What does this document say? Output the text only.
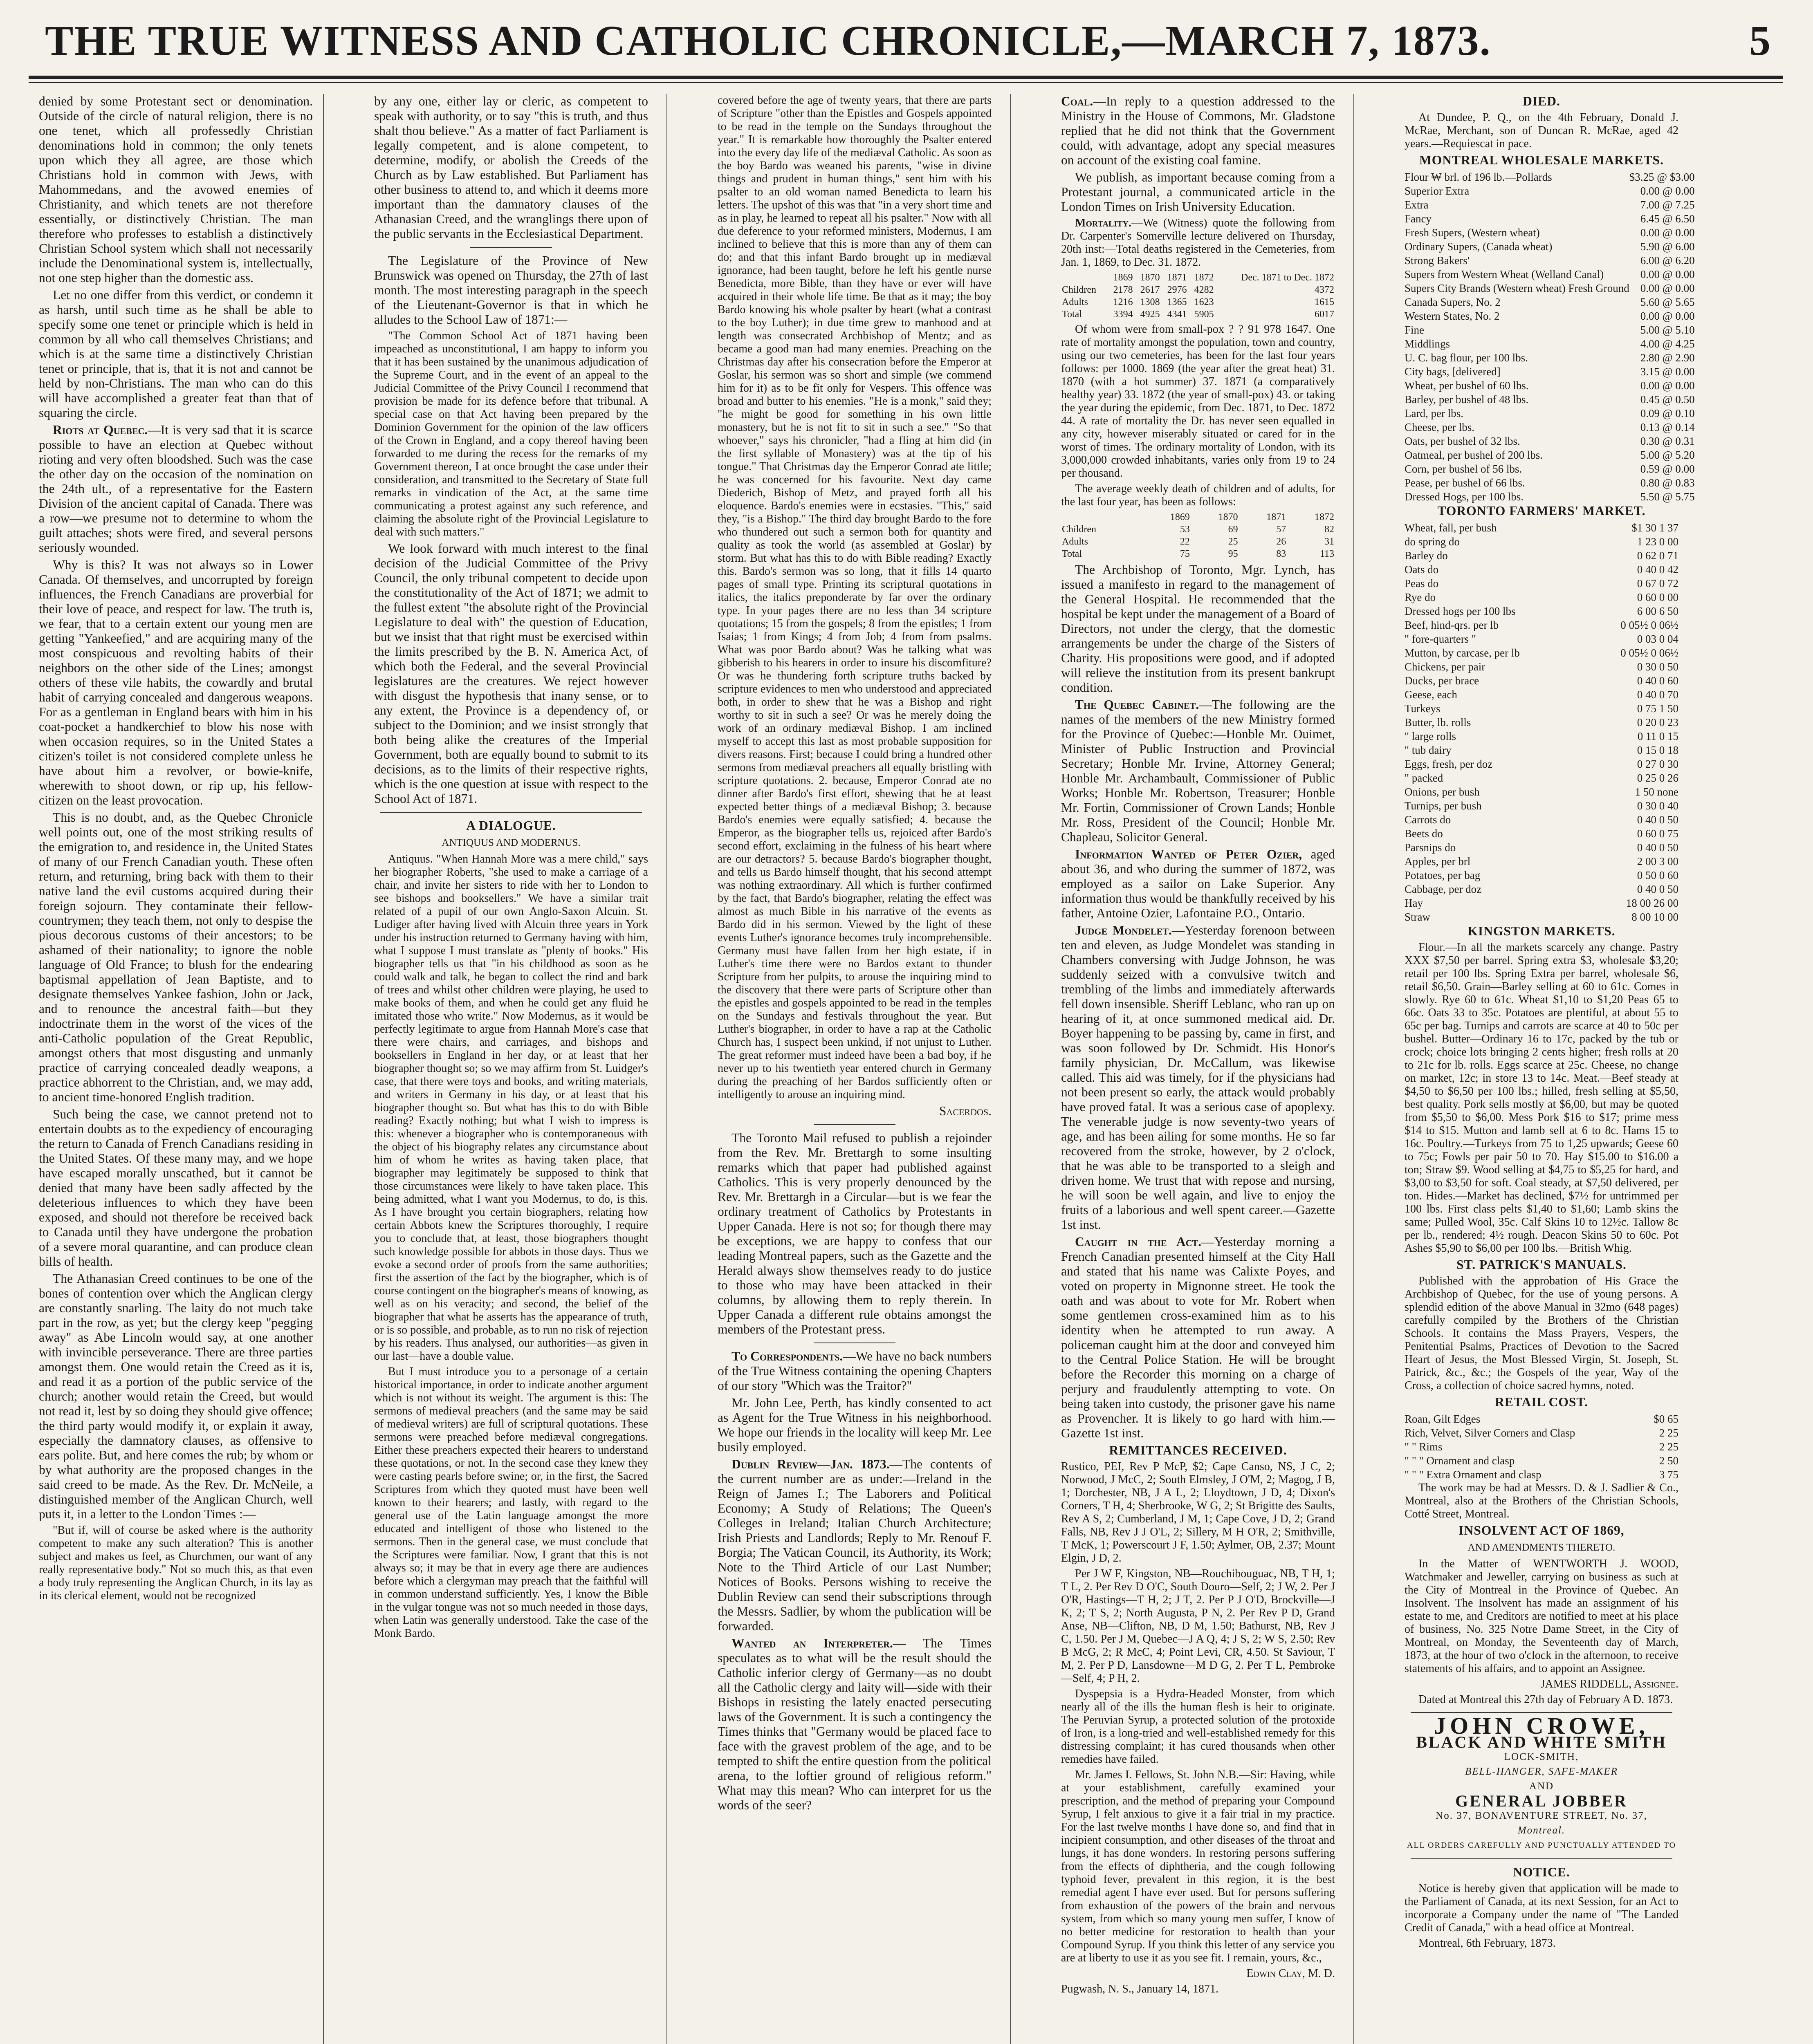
THE TRUE WITNESS AND CATHOLIC CHRONICLE,—MARCH 7, 1873.	5

denied by some Protestant sect or denomination. Outside of the circle of natural religion, there is no one tenet, which all professedly Christian denominations hold in common; the only tenets upon which they all agree, are those which Christians hold in common with Jews, with Mahommedans, and the avowed enemies of Christianity, and which tenets are not therefore essentially, or distinctively Christian. The man therefore who professes to establish a distinctively Christian School system which shall not necessarily include the Denominational system is, intellectually, not one step higher than the domestic ass.

Let no one differ from this verdict, or condemn it as harsh, until such time as he shall be able to specify some one tenet or principle which is held in common by all who call themselves Christians; and which is at the same time a distinctively Christian tenet or principle, that is, that it is not and cannot be held by non-Christians. The man who can do this will have accomplished a greater feat than that of squaring the circle.

Riots at Quebec.—It is very sad that it is scarce possible to have an election at Quebec without rioting and very often bloodshed. Such was the case the other day on the occasion of the nomination on the 24th ult., of a representative for the Eastern Division of the ancient capital of Canada. There was a row—we presume not to determine to whom the guilt attaches; shots were fired, and several persons seriously wounded.

Why is this? It was not always so in Lower Canada. Of themselves, and uncorrupted by foreign influences, the French Canadians are proverbial for their love of peace, and respect for law. The truth is, we fear, that to a certain extent our young men are getting "Yankeefied," and are acquiring many of the most conspicuous and revolting habits of their neighbors on the other side of the Lines; amongst others of these vile habits, the cowardly and brutal habit of carrying concealed and dangerous weapons. For as a gentleman in England bears with him in his coat-pocket a handkerchief to blow his nose with when occasion requires, so in the United States a citizen's toilet is not considered complete unless he have about him a revolver, or bowie-knife, wherewith to shoot down, or rip up, his fellow-citizen on the least provocation.

This is no doubt, and, as the Quebec Chronicle well points out, one of the most striking results of the emigration to, and residence in, the United States of many of our French Canadian youth. These often return, and returning, bring back with them to their native land the evil customs acquired during their foreign sojourn. They contaminate their fellow-countrymen; they teach them, not only to despise the pious decorous customs of their ancestors; to be ashamed of their nationality; to ignore the noble language of Old France; to blush for the endearing baptismal appellation of Jean Baptiste, and to designate themselves Yankee fashion, John or Jack, and to renounce the ancestral faith—but they indoctrinate them in the worst of the vices of the anti-Catholic population of the Great Republic, amongst others that most disgusting and unmanly practice of carrying concealed deadly weapons, a practice abhorrent to the Christian, and, we may add, to ancient time-honored English tradition.

Such being the case, we cannot pretend not to entertain doubts as to the expediency of encouraging the return to Canada of French Canadians residing in the United States. Of these many may, and we hope have escaped morally unscathed, but it cannot be denied that many have been sadly affected by the deleterious influences to which they have been exposed, and should not therefore be received back to Canada until they have undergone the probation of a severe moral quarantine, and can produce clean bills of health.

The Athanasian Creed continues to be one of the bones of contention over which the Anglican clergy are constantly snarling. The laity do not much take part in the row, as yet; but the clergy keep "pegging away" as Abe Lincoln would say, at one another with invincible perseverance. There are three parties amongst them. One would retain the Creed as it is, and read it as a portion of the public service of the church; another would retain the Creed, but would not read it, lest by so doing they should give offence; the third party would modify it, or explain it away, especially the damnatory clauses, as offensive to ears polite. But, and here comes the rub; by whom or by what authority are the proposed changes in the said creed to be made. As the Rev. Dr. McNeile, a distinguished member of the Anglican Church, well puts it, in a letter to the London Times :—

"But if, will of course be asked where is the authority competent to make any such alteration? This is another subject and makes us feel, as Churchmen, our want of any really representative body." Not so much this, as that even a body truly representing the Anglican Church, in its lay as in its clerical element, would not be recognized

by any one, either lay or cleric, as competent to speak with authority, or to say "this is truth, and thus shalt thou believe." As a matter of fact Parliament is legally competent, and is alone competent, to determine, modify, or abolish the Creeds of the Church as by Law established. But Parliament has other business to attend to, and which it deems more important than the damnatory clauses of the Athanasian Creed, and the wranglings there upon of the public servants in the Ecclesiastical Department.

The Legislature of the Province of New Brunswick was opened on Thursday, the 27th of last month. The most interesting paragraph in the speech of the Lieutenant-Governor is that in which he alludes to the School Law of 1871:—

"The Common School Act of 1871 having been impeached as unconstitutional, I am happy to inform you that it has been sustained by the unanimous adjudication of the Supreme Court, and in the event of an appeal to the Judicial Committee of the Privy Council I recommend that provision be made for its defence before that tribunal. A special case on that Act having been prepared by the Dominion Government for the opinion of the law officers of the Crown in England, and a copy thereof having been forwarded to me during the recess for the remarks of my Government thereon, I at once brought the case under their consideration, and transmitted to the Secretary of State full remarks in vindication of the Act, at the same time communicating a protest against any such reference, and claiming the absolute right of the Provincial Legislature to deal with such matters."

We look forward with much interest to the final decision of the Judicial Committee of the Privy Council, the only tribunal competent to decide upon the constitutionality of the Act of 1871; we admit to the fullest extent "the absolute right of the Provincial Legislature to deal with" the question of Education, but we insist that that right must be exercised within the limits prescribed by the B. N. America Act, of which both the Federal, and the several Provincial legislatures are the creatures. We reject however with disgust the hypothesis that inany sense, or to any extent, the Province is a dependency of, or subject to the Dominion; and we insist strongly that both being alike the creatures of the Imperial Government, both are equally bound to submit to its decisions, as to the limits of their respective rights, which is the one question at issue with respect to the School Act of 1871.

A DIALOGUE.

ANTIQUUS AND MODERNUS.

Antiquus. "When Hannah More was a mere child," says her biographer Roberts, "she used to make a carriage of a chair, and invite her sisters to ride with her to London to see bishops and booksellers." We have a similar trait related of a pupil of our own Anglo-Saxon Alcuin. St. Ludiger after having lived with Alcuin three years in York under his instruction returned to Germany having with him, what I suppose I must translate as "plenty of books." His biographer tells us that "in his childhood as soon as he could walk and talk, he began to collect the rind and bark of trees and whilst other children were playing, he used to make books of them, and when he could get any fluid he imitated those who write." Now Modernus, as it would be perfectly legitimate to argue from Hannah More's case that there were chairs, and carriages, and bishops and booksellers in England in her day, or at least that her biographer thought so; so we may affirm from St. Luidger's case, that there were toys and books, and writing materials, and writers in Germany in his day, or at least that his biographer thought so. But what has this to do with Bible reading? Exactly nothing; but what I wish to impress is this: whenever a biographer who is contemporaneous with the object of his biography relates any circumstance about him of whom he writes as having taken place, that biographer may legitimately be supposed to think that those circumstances were likely to have taken place. This being admitted, what I want you Modernus, to do, is this. As I have brought you certain biographers, relating how certain Abbots knew the Scriptures thoroughly, I require you to conclude that, at least, those biographers thought such knowledge possible for abbots in those days. Thus we evoke a second order of proofs from the same authorities; first the assertion of the fact by the biographer, which is of course contingent on the biographer's means of knowing, as well as on his veracity; and second, the belief of the biographer that what he asserts has the appearance of truth, or is so possible, and probable, as to run no risk of rejection by his readers. Thus analysed, our authorities—as given in our last—have a double value.

But I must introduce you to a personage of a certain historical importance, in order to indicate another argument which is not without its weight. The argument is this: The sermons of medieval preachers (and the same may be said of medieval writers) are full of scriptural quotations. These sermons were preached before mediæval congregations. Either these preachers expected their hearers to understand these quotations, or not. In the second case they knew they were casting pearls before swine; or, in the first, the Sacred Scriptures from which they quoted must have been well known to their hearers; and lastly, with regard to the general use of the Latin language amongst the more educated and intelligent of those who listened to the sermons. Then in the general case, we must conclude that the Scriptures were familiar. Now, I grant that this is not always so; it may be that in every age there are audiences before which a clergyman may preach that the faithful will in common understand sufficiently. Yes, I know the Bible in the vulgar tongue was not so much needed in those days, when Latin was generally understood. Take the case of the Monk Bardo.

covered before the age of twenty years, that there are parts of Scripture "other than the Epistles and Gospels appointed to be read in the temple on the Sundays throughout the year." It is remarkable how thoroughly the Psalter entered into the every day life of the mediæval Catholic. As soon as the boy Bardo was weaned his parents, "wise in divine things and prudent in human things," sent him with his psalter to an old woman named Benedicta to learn his letters. The upshot of this was that "in a very short time and as in play, he learned to repeat all his psalter." Now with all due deference to your reformed ministers, Modernus, I am inclined to believe that this is more than any of them can do; and that this infant Bardo brought up in mediæval ignorance, had been taught, before he left his gentle nurse Benedicta, more Bible, than they have or ever will have acquired in their whole life time. Be that as it may; the boy Bardo knowing his whole psalter by heart (what a contrast to the boy Luther); in due time grew to manhood and at length was consecrated Archbishop of Mentz; and as became a good man had many enemies. Preaching on the Christmas day after his consecration before the Emperor at Goslar, his sermon was so short and simple (we commend him for it) as to be fit only for Vespers. This offence was broad and butter to his enemies. "He is a monk," said they; "he might be good for something in his own little monastery, but he is not fit to sit in such a see." "So that whoever," says his chronicler, "had a fling at him did (in the first syllable of Monastery) was at the tip of his tongue." That Christmas day the Emperor Conrad ate little; he was concerned for his favourite. Next day came Diederich, Bishop of Metz, and prayed forth all his eloquence. Bardo's enemies were in ecstasies. "This," said they, "is a Bishop." The third day brought Bardo to the fore who thundered out such a sermon both for quantity and quality as took the world (as assembled at Goslar) by storm. But what has this to do with Bible reading? Exactly this. Bardo's sermon was so long, that it fills 14 quarto pages of small type. Printing its scriptural quotations in italics, the italics preponderate by far over the ordinary type. In your pages there are no less than 34 scripture quotations; 15 from the gospels; 8 from the epistles; 1 from Isaias; 1 from Kings; 4 from Job; 4 from from psalms. What was poor Bardo about? Was he talking what was gibberish to his hearers in order to insure his discomfiture? Or was he thundering forth scripture truths backed by scripture evidences to men who understood and appreciated both, in order to shew that he was a Bishop and right worthy to sit in such a see? Or was he merely doing the work of an ordinary mediæval Bishop. I am inclined myself to accept this last as most probable supposition for divers reasons. First; because I could bring a hundred other sermons from mediæval preachers all equally bristling with scripture quotations. 2. because, Emperor Conrad ate no dinner after Bardo's first effort, shewing that he at least expected better things of a mediæval Bishop; 3. because Bardo's enemies were equally satisfied; 4. because the Emperor, as the biographer tells us, rejoiced after Bardo's second effort, exclaiming in the fulness of his heart where are our detractors? 5. because Bardo's biographer thought, and tells us Bardo himself thought, that his second attempt was nothing extraordinary. All which is further confirmed by the fact, that Bardo's biographer, relating the effect was almost as much Bible in his narrative of the events as Bardo did in his sermon. Viewed by the light of these events Luther's ignorance becomes truly incomprehensible. Germany must have fallen from her high estate, if in Luther's time there were no Bardos extant to thunder Scripture from her pulpits, to arouse the inquiring mind to the discovery that there were parts of Scripture other than the epistles and gospels appointed to be read in the temples on the Sundays and festivals throughout the year. But Luther's biographer, in order to have a rap at the Catholic Church has, I suspect been unkind, if not unjust to Luther. The great reformer must indeed have been a bad boy, if he never up to his twentieth year entered church in Germany during the preaching of her Bardos sufficiently often or intelligently to arouse an inquiring mind.

Sacerdos.

The Toronto Mail refused to publish a rejoinder from the Rev. Mr. Brettargh to some insulting remarks which that paper had published against Catholics. This is very properly denounced by the Rev. Mr. Brettargh in a Circular—but is we fear the ordinary treatment of Catholics by Protestants in Upper Canada. Here is not so; for though there may be exceptions, we are happy to confess that our leading Montreal papers, such as the Gazette and the Herald always show themselves ready to do justice to those who may have been attacked in their columns, by allowing them to reply therein. In Upper Canada a different rule obtains amongst the members of the Protestant press.

To Correspondents.—We have no back numbers of the True Witness containing the opening Chapters of our story "Which was the Traitor?"

Mr. John Lee, Perth, has kindly consented to act as Agent for the True Witness in his neighborhood. We hope our friends in the locality will keep Mr. Lee busily employed.

Dublin Review—Jan. 1873.—The contents of the current number are as under:—Ireland in the Reign of James I.; The Laborers and Political Economy; A Study of Relations; The Queen's Colleges in Ireland; Italian Church Architecture; Irish Priests and Landlords; Reply to Mr. Renouf F. Borgia; The Vatican Council, its Authority, its Work; Note to the Third Article of our Last Number; Notices of Books. Persons wishing to receive the Dublin Review can send their subscriptions through the Messrs. Sadlier, by whom the publication will be forwarded.

Wanted an Interpreter.— The Times speculates as to what will be the result should the Catholic inferior clergy of Germany—as no doubt all the Catholic clergy and laity will—side with their Bishops in resisting the lately enacted persecuting laws of the Government. It is such a contingency the Times thinks that "Germany would be placed face to face with the gravest problem of the age, and to be tempted to shift the entire question from the political arena, to the loftier ground of religious reform." What may this mean? Who can interpret for us the words of the seer?

Coal.—In reply to a question addressed to the Ministry in the House of Commons, Mr. Gladstone replied that he did not think that the Government could, with advantage, adopt any special measures on account of the existing coal famine.

We publish, as important because coming from a Protestant journal, a communicated article in the London Times on Irish University Education.

Mortality.—We (Witness) quote the following from Dr. Carpenter's Somerville lecture delivered on Thursday, 20th inst:—Total deaths registered in the Cemeteries, from Jan. 1, 1869, to Dec. 31. 1872.

	1869	1870	1871	1872	Dec. 1871 to Dec. 1872
Children	2178	2617	2976	4282	4372
Adults	1216	1308	1365	1623	1615
Total	3394	4925	4341	5905	6017

Of whom were from small-pox ? ? 91 978 1647. One rate of mortality amongst the population, town and country, using our two cemeteries, has been for the last four years follows: per 1000. 1869 (the year after the great heat) 31. 1870 (with a hot summer) 37. 1871 (a comparatively healthy year) 33. 1872 (the year of small-pox) 43. or taking the year during the epidemic, from Dec. 1871, to Dec. 1872 44. A rate of mortality the Dr. has never seen equalled in any city, however miserably situated or cared for in the worst of times. The ordinary mortality of London, with its 3,000,000 crowded inhabitants, varies only from 19 to 24 per thousand.

The average weekly death of children and of adults, for the last four year, has been as follows:

	1869	1870	1871	1872
Children	53	69	57	82
Adults	22	25	26	31
Total	75	95	83	113

The Archbishop of Toronto, Mgr. Lynch, has issued a manifesto in regard to the management of the General Hospital. He recommended that the hospital be kept under the management of a Board of Directors, not under the clergy, that the domestic arrangements be under the charge of the Sisters of Charity. His propositions were good, and if adopted will relieve the institution from its present bankrupt condition.

The Quebec Cabinet.—The following are the names of the members of the new Ministry formed for the Province of Quebec:—Honble Mr. Ouimet, Minister of Public Instruction and Provincial Secretary; Honble Mr. Irvine, Attorney General; Honble Mr. Archambault, Commissioner of Public Works; Honble Mr. Robertson, Treasurer; Honble Mr. Fortin, Commissioner of Crown Lands; Honble Mr. Ross, President of the Council; Honble Mr. Chapleau, Solicitor General.

Information Wanted of Peter Ozier, aged about 36, and who during the summer of 1872, was employed as a sailor on Lake Superior. Any information thus would be thankfully received by his father, Antoine Ozier, Lafontaine P.O., Ontario.

Judge Mondelet.—Yesterday forenoon between ten and eleven, as Judge Mondelet was standing in Chambers conversing with Judge Johnson, he was suddenly seized with a convulsive twitch and trembling of the limbs and immediately afterwards fell down insensible. Sheriff Leblanc, who ran up on hearing of it, at once summoned medical aid. Dr. Boyer happening to be passing by, came in first, and was soon followed by Dr. Schmidt. His Honor's family physician, Dr. McCallum, was likewise called. This aid was timely, for if the physicians had not been present so early, the attack would probably have proved fatal. It was a serious case of apoplexy. The venerable judge is now seventy-two years of age, and has been ailing for some months. He so far recovered from the stroke, however, by 2 o'clock, that he was able to be transported to a sleigh and driven home. We trust that with repose and nursing, he will soon be well again, and live to enjoy the fruits of a laborious and well spent career.—Gazette 1st inst.

Caught in the Act.—Yesterday morning a French Canadian presented himself at the City Hall and stated that his name was Calixte Poyes, and voted on property in Mignonne street. He took the oath and was about to vote for Mr. Robert when some gentlemen cross-examined him as to his identity when he attempted to run away. A policeman caught him at the door and conveyed him to the Central Police Station. He will be brought before the Recorder this morning on a charge of perjury and fraudulently attempting to vote. On being taken into custody, the prisoner gave his name as Provencher. It is likely to go hard with him.—Gazette 1st inst.

REMITTANCES RECEIVED.

Rustico, PEI, Rev P McP, $2; Cape Canso, NS, J C, 2; Norwood, J McC, 2; South Elmsley, J O'M, 2; Magog, J B, 1; Dorchester, NB, J A L, 2; Lloydtown, J D, 4; Dixon's Corners, T H, 4; Sherbrooke, W G, 2; St Brigitte des Saults, Rev A S, 2; Cumberland, J M, 1; Cape Cove, J D, 2; Grand Falls, NB, Rev J J O'L, 2; Sillery, M H O'R, 2; Smithville, T McK, 1; Powerscourt J F, 1.50; Aylmer, OB, 2.37; Mount Elgin, J D, 2.

Per J W F, Kingston, NB—Rouchibouguac, NB, T H, 1; T L, 2. Per Rev D O'C, South Douro—Self, 2; J W, 2. Per J O'R, Hastings—T H, 2; J T, 2. Per P J O'D, Brockville—J K, 2; T S, 2; North Augusta, P N, 2. Per Rev P D, Grand Anse, NB—Clifton, NB, D M, 1.50; Bathurst, NB, Rev J C, 1.50. Per J M, Quebec—J A Q, 4; J S, 2; W S, 2.50; Rev B McG, 2; R McC, 4; Point Levi, CR, 4.50. St Saviour, T M, 2. Per P D, Lansdowne—M D G, 2. Per T L, Pembroke—Self, 4; P H, 2.

Dyspepsia is a Hydra-Headed Monster, from which nearly all of the ills the human flesh is heir to originate. The Peruvian Syrup, a protected solution of the protoxide of Iron, is a long-tried and well-established remedy for this distressing complaint; it has cured thousands when other remedies have failed.

Mr. James I. Fellows, St. John N.B.—Sir: Having, while at your establishment, carefully examined your prescription, and the method of preparing your Compound Syrup, I felt anxious to give it a fair trial in my practice. For the last twelve months I have done so, and find that in incipient consumption, and other diseases of the throat and lungs, it has done wonders. In restoring persons suffering from the effects of diphtheria, and the cough following typhoid fever, prevalent in this region, it is the best remedial agent I have ever used. But for persons suffering from exhaustion of the powers of the brain and nervous system, from which so many young men suffer, I know of no better medicine for restoration to health than your Compound Syrup. If you think this letter of any service you are at liberty to use it as you see fit. I remain, yours, &c.,

Edwin Clay, M. D.

Pugwash, N. S., January 14, 1871.

DIED.

At Dundee, P. Q., on the 4th February, Donald J. McRae, Merchant, son of Duncan R. McRae, aged 42 years.—Requiescat in pace.

MONTREAL WHOLESALE MARKETS.

Flour ₩ brl. of 196 lb.—Pollards	$3.25 @ $3.00
Superior Extra	0.00 @ 0.00
Extra	7.00 @ 7.25
Fancy	6.45 @ 6.50
Fresh Supers, (Western wheat)	0.00 @ 0.00
Ordinary Supers, (Canada wheat)	5.90 @ 6.00
Strong Bakers'	6.00 @ 6.20
Supers from Western Wheat (Welland Canal)	0.00 @ 0.00
Supers City Brands (Western wheat) Fresh Ground	0.00 @ 0.00
Canada Supers, No. 2	5.60 @ 5.65
Western States, No. 2	0.00 @ 0.00
Fine	5.00 @ 5.10
Middlings	4.00 @ 4.25
U. C. bag flour, per 100 lbs.	2.80 @ 2.90
City bags, [delivered]	3.15 @ 0.00
Wheat, per bushel of 60 lbs.	0.00 @ 0.00
Barley, per bushel of 48 lbs.	0.45 @ 0.50
Lard, per lbs.	0.09 @ 0.10
Cheese, per lbs.	0.13 @ 0.14
Oats, per bushel of 32 lbs.	0.30 @ 0.31
Oatmeal, per bushel of 200 lbs.	5.00 @ 5.20
Corn, per bushel of 56 lbs.	0.59 @ 0.00
Pease, per bushel of 66 lbs.	0.80 @ 0.83
Dressed Hogs, per 100 lbs.	5.50 @ 5.75

TORONTO FARMERS' MARKET.

Wheat, fall, per bush	$1 30 1 37
do spring do	1 23 0 00
Barley do	0 62 0 71
Oats do	0 40 0 42
Peas do	0 67 0 72
Rye do	0 60 0 00
Dressed hogs per 100 lbs	6 00 6 50
Beef, hind-qrs. per lb	0 05½ 0 06½
" fore-quarters "	0 03 0 04
Mutton, by carcase, per lb	0 05½ 0 06½
Chickens, per pair	0 30 0 50
Ducks, per brace	0 40 0 60
Geese, each	0 40 0 70
Turkeys	0 75 1 50
Butter, lb. rolls	0 20 0 23
" large rolls	0 11 0 15
" tub dairy	0 15 0 18
Eggs, fresh, per doz	0 27 0 30
" packed	0 25 0 26
Onions, per bush	1 50 none
Turnips, per bush	0 30 0 40
Carrots do	0 40 0 50
Beets do	0 60 0 75
Parsnips do	0 40 0 50
Apples, per brl	2 00 3 00
Potatoes, per bag	0 50 0 60
Cabbage, per doz	0 40 0 50
Hay	18 00 26 00
Straw	8 00 10 00

KINGSTON MARKETS.

Flour.—In all the markets scarcely any change. Pastry XXX $7,50 per barrel. Spring extra $3, wholesale $3,20; retail per 100 lbs. Spring Extra per barrel, wholesale $6, retail $6,50. Grain—Barley selling at 60 to 61c. Comes in slowly. Rye 60 to 61c. Wheat $1,10 to $1,20 Peas 65 to 66c. Oats 33 to 35c. Potatoes are plentiful, at about 55 to 65c per bag. Turnips and carrots are scarce at 40 to 50c per bushel. Butter—Ordinary 16 to 17c, packed by the tub or crock; choice lots bringing 2 cents higher; fresh rolls at 20 to 21c for lb. rolls. Eggs scarce at 25c. Cheese, no change on market, 12c; in store 13 to 14c. Meat.—Beef steady at $4,50 to $6,50 per 100 lbs.; hilled, fresh selling at $5,50, best quality. Pork sells mostly at $6,00, but may be quoted from $5,50 to $6,00. Mess Pork $16 to $17; prime mess $14 to $15. Mutton and lamb sell at 6 to 8c. Hams 15 to 16c. Poultry.—Turkeys from 75 to 1,25 upwards; Geese 60 to 75c; Fowls per pair 50 to 70. Hay $15.00 to $16.00 a ton; Straw $9. Wood selling at $4,75 to $5,25 for hard, and $3,00 to $3,50 for soft. Coal steady, at $7,50 delivered, per ton. Hides.—Market has declined, $7½ for untrimmed per 100 lbs. First class pelts $1,40 to $1,60; Lamb skins the same; Pulled Wool, 35c. Calf Skins 10 to 12½c. Tallow 8c per lb., rendered; 4½ rough. Deacon Skins 50 to 60c. Pot Ashes $5,90 to $6,00 per 100 lbs.—British Whig.

ST. PATRICK'S MANUALS.

Published with the approbation of His Grace the Archbishop of Quebec, for the use of young persons. A splendid edition of the above Manual in 32mo (648 pages) carefully compiled by the Brothers of the Christian Schools. It contains the Mass Prayers, Vespers, the Penitential Psalms, Practices of Devotion to the Sacred Heart of Jesus, the Most Blessed Virgin, St. Joseph, St. Patrick, &c., &c.; the Gospels of the year, Way of the Cross, a collection of choice sacred hymns, noted.

RETAIL COST.

Roan, Gilt Edges	$0 65
Rich, Velvet, Silver Corners and Clasp	2 25
" " Rims	2 25
" " " Ornament and clasp	2 50
" " " Extra Ornament and clasp	3 75

The work may be had at Messrs. D. & J. Sadlier & Co., Montreal, also at the Brothers of the Christian Schools, Cotté Street, Montreal.

INSOLVENT ACT OF 1869,

AND AMENDMENTS THERETO.

In the Matter of WENTWORTH J. WOOD, Watchmaker and Jeweller, carrying on business as such at the City of Montreal in the Province of Quebec. An Insolvent. The Insolvent has made an assignment of his estate to me, and Creditors are notified to meet at his place of business, No. 325 Notre Dame Street, in the City of Montreal, on Monday, the Seventeenth day of March, 1873, at the hour of two o'clock in the afternoon, to receive statements of his affairs, and to appoint an Assignee.

JAMES RIDDELL, Assignee.

Dated at Montreal this 27th day of February A D. 1873.

JOHN CROWE,
BLACK AND WHITE SMITH
LOCK-SMITH,
BELL-HANGER, SAFE-MAKER
AND
GENERAL JOBBER
No. 37, BONAVENTURE STREET, No. 37,
Montreal.
ALL ORDERS CAREFULLY AND PUNCTUALLY ATTENDED TO

NOTICE.

Notice is hereby given that application will be made to the Parliament of Canada, at its next Session, for an Act to incorporate a Company under the name of "The Landed Credit of Canada," with a head office at Montreal.

Montreal, 6th February, 1873.
